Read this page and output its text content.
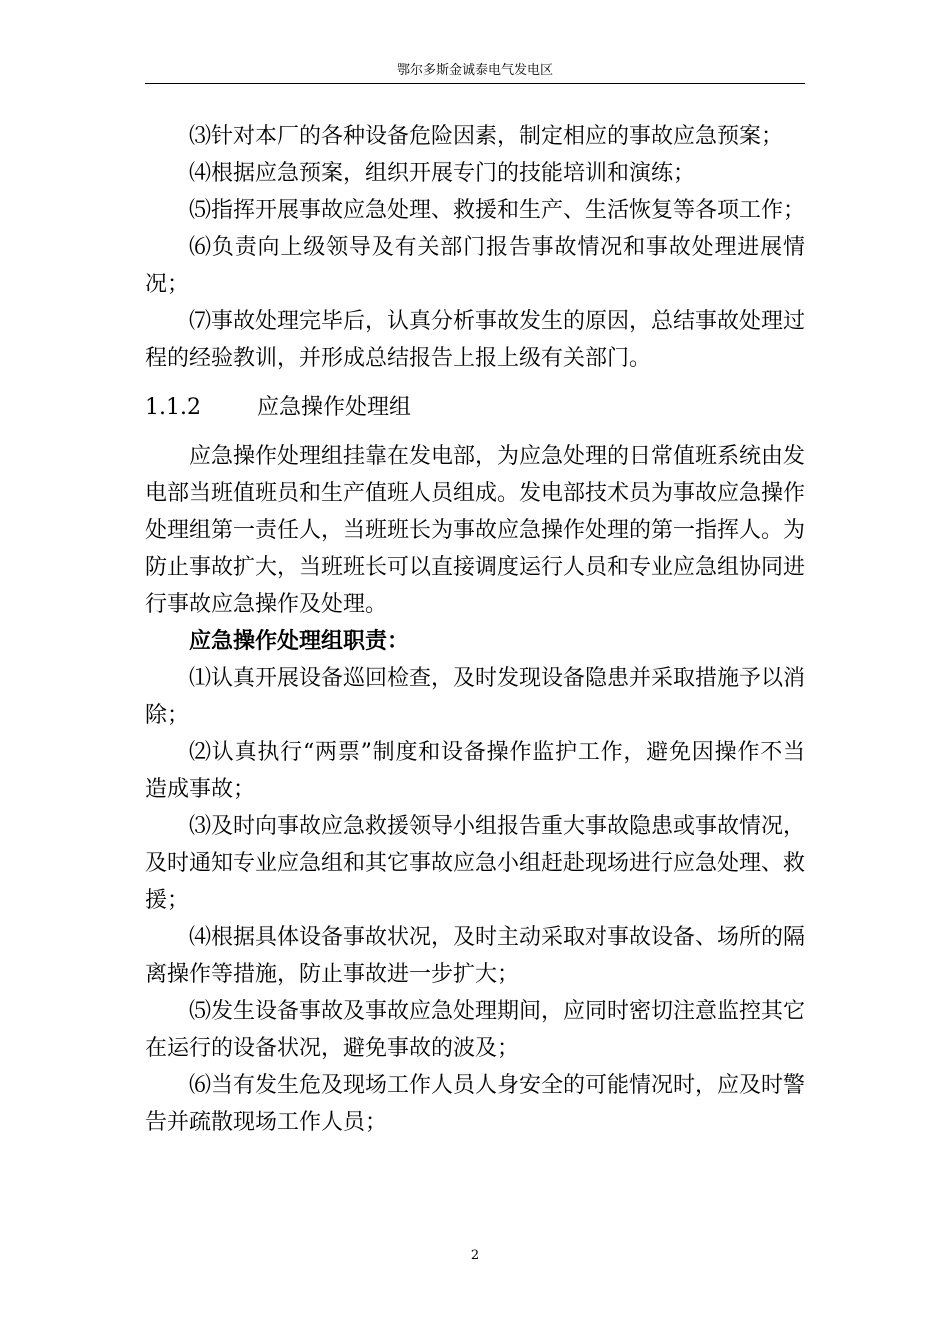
鄂尔多斯金诚泰电气发电区

⑶针对本厂的各种设备危险因素，制定相应的事故应急预案；

⑷根据应急预案，组织开展专门的技能培训和演练；

⑸指挥开展事故应急处理、救援和生产、生活恢复等各项工作；

⑹负责向上级领导及有关部门报告事故情况和事故处理进展情况；

⑺事故处理完毕后，认真分析事故发生的原因，总结事故处理过程的经验教训，并形成总结报告上报上级有关部门。

1.1.2	应急操作处理组

应急操作处理组挂靠在发电部，为应急处理的日常值班系统由发电部当班值班员和生产值班人员组成。发电部技术员为事故应急操作处理组第一责任人，当班班长为事故应急操作处理的第一指挥人。为防止事故扩大，当班班长可以直接调度运行人员和专业应急组协同进行事故应急操作及处理。

应急操作处理组职责：

⑴认真开展设备巡回检查，及时发现设备隐患并采取措施予以消除；

⑵认真执行“两票”制度和设备操作监护工作，避免因操作不当造成事故；

⑶及时向事故应急救援领导小组报告重大事故隐患或事故情况，及时通知专业应急组和其它事故应急小组赶赴现场进行应急处理、救援；

⑷根据具体设备事故状况，及时主动采取对事故设备、场所的隔离操作等措施，防止事故进一步扩大；

⑸发生设备事故及事故应急处理期间，应同时密切注意监控其它在运行的设备状况，避免事故的波及；

⑹当有发生危及现场工作人员人身安全的可能情况时，应及时警告并疏散现场工作人员；

2
